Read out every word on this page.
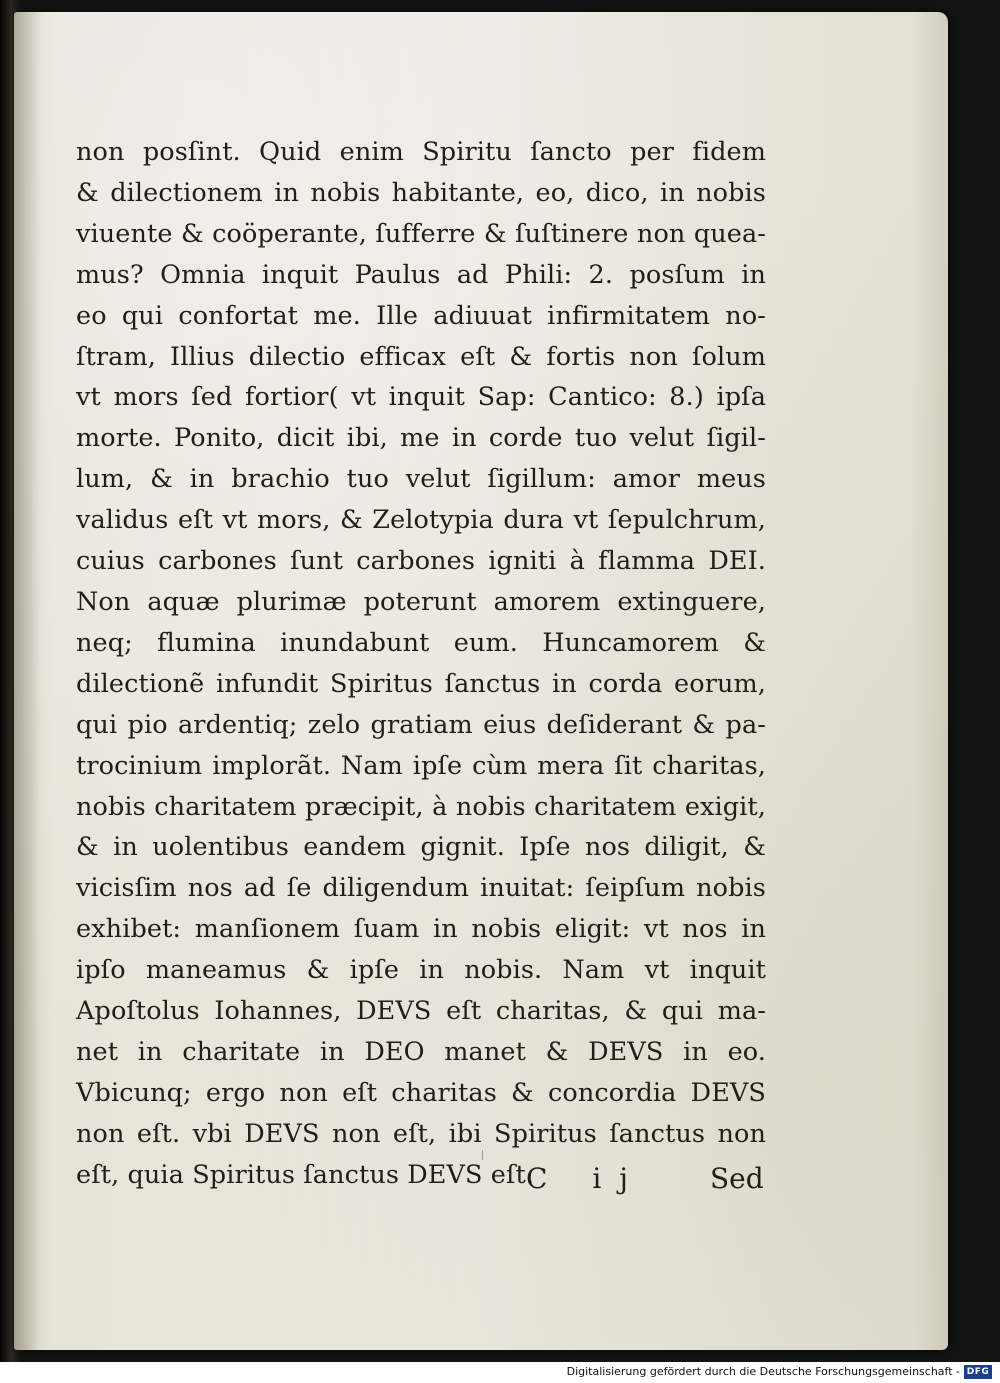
non posſint. Quid enim Spiritu ſancto per fidem
& dilectionem in nobis habitante, eo, dico, in nobis
viuente & coöperante, ſufferre & ſuſtinere non quea-
mus? Omnia inquit Paulus ad Phili: 2. posſum in
eo qui confortat me. Ille adiuuat infirmitatem no-
ſtram, Illius dilectio efficax eſt & fortis non ſolum
vt mors ſed fortior( vt inquit Sap: Cantico: 8.) ipſa
morte. Ponito, dicit ibi, me in corde tuo velut ſigil-
lum, & in brachio tuo velut ſigillum: amor meus
validus eſt vt mors, & Zelotypia dura vt ſepulchrum,
cuius carbones ſunt carbones igniti à flamma DEI.
Non aquæ plurimæ poterunt amorem extinguere,
neq; flumina inundabunt eum. Huncamorem &
dilectionẽ infundit Spiritus ſanctus in corda eorum,
qui pio ardentiq; zelo gratiam eius deſiderant & pa-
trocinium implorãt. Nam ipſe cùm mera ſit charitas,
nobis charitatem præcipit, à nobis charitatem exigit,
& in uolentibus eandem gignit. Ipſe nos diligit, &
vicisſim nos ad ſe diligendum inuitat: ſeipſum nobis
exhibet: manſionem ſuam in nobis eligit: vt nos in
ipſo maneamus & ipſe in nobis. Nam vt inquit
Apoſtolus Iohannes, DEVS eſt charitas, & qui ma-
net in charitate in DEO manet & DEVS in eo.
Vbicunq; ergo non eſt charitas & concordia DEVS
non eſt. vbi DEVS non eſt, ibi Spiritus ſanctus non
eſt, quia Spiritus ſanctus DEVS eſt.
C ij Sed
Digitalisierung gefördert durch die Deutsche Forschungsgemeinschaft - DFG
